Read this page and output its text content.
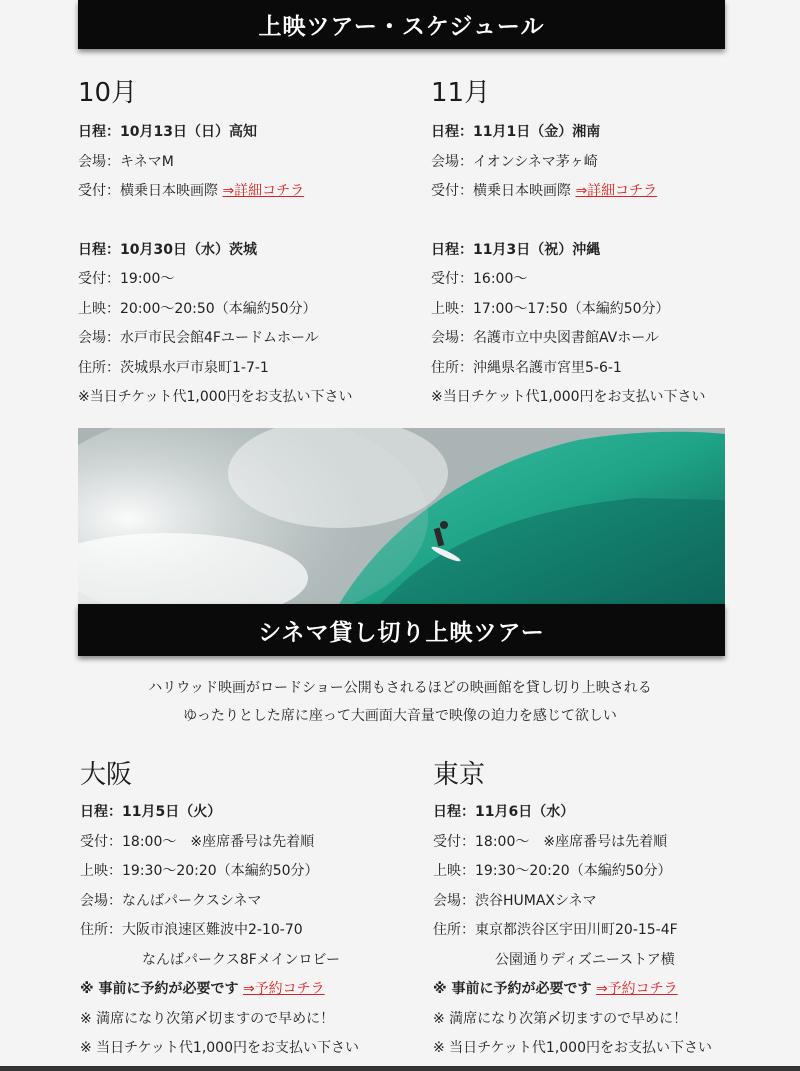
上映ツアー・スケジュール
10月
日程：10月13日（日）高知
会場：キネマM
受付：横乗日本映画際 ⇒詳細コチラ
日程：10月30日（水）茨城
受付：19:00～
上映：20:00～20:50（本編約50分）
会場：水戸市民会館4Fユードムホール
住所：茨城県水戸市泉町1-7-1
※当日チケット代1,000円をお支払い下さい
11月
日程：11月1日（金）湘南
会場：イオンシネマ茅ヶ崎
受付：横乗日本映画際 ⇒詳細コチラ
日程：11月3日（祝）沖縄
受付：16:00～
上映：17:00～17:50（本編約50分）
会場：名護市立中央図書館AVホール
住所：沖縄県名護市宮里5-6-1
※当日チケット代1,000円をお支払い下さい
シネマ貸し切り上映ツアー
ハリウッド映画がロードショー公開もされるほどの映画館を貸し切り上映される
ゆったりとした席に座って大画面大音量で映像の迫力を感じて欲しい
大阪
日程：11月5日（火）
受付：18:00～　※座席番号は先着順
上映：19:30～20:20（本編約50分）
会場：なんばパークスシネマ
住所：大阪市浪速区難波中2-10-70
なんばパークス8Fメインロビー
※ 事前に予約が必要です ⇒予約コチラ
※ 満席になり次第〆切ますので早めに！
※ 当日チケット代1,000円をお支払い下さい
東京
日程：11月6日（水）
受付：18:00～　※座席番号は先着順
上映：19:30～20:20（本編約50分）
会場：渋谷HUMAXシネマ
住所：東京都渋谷区宇田川町20-15-4F
公園通りディズニーストア横
※ 事前に予約が必要です ⇒予約コチラ
※ 満席になり次第〆切ますので早めに！
※ 当日チケット代1,000円をお支払い下さい
